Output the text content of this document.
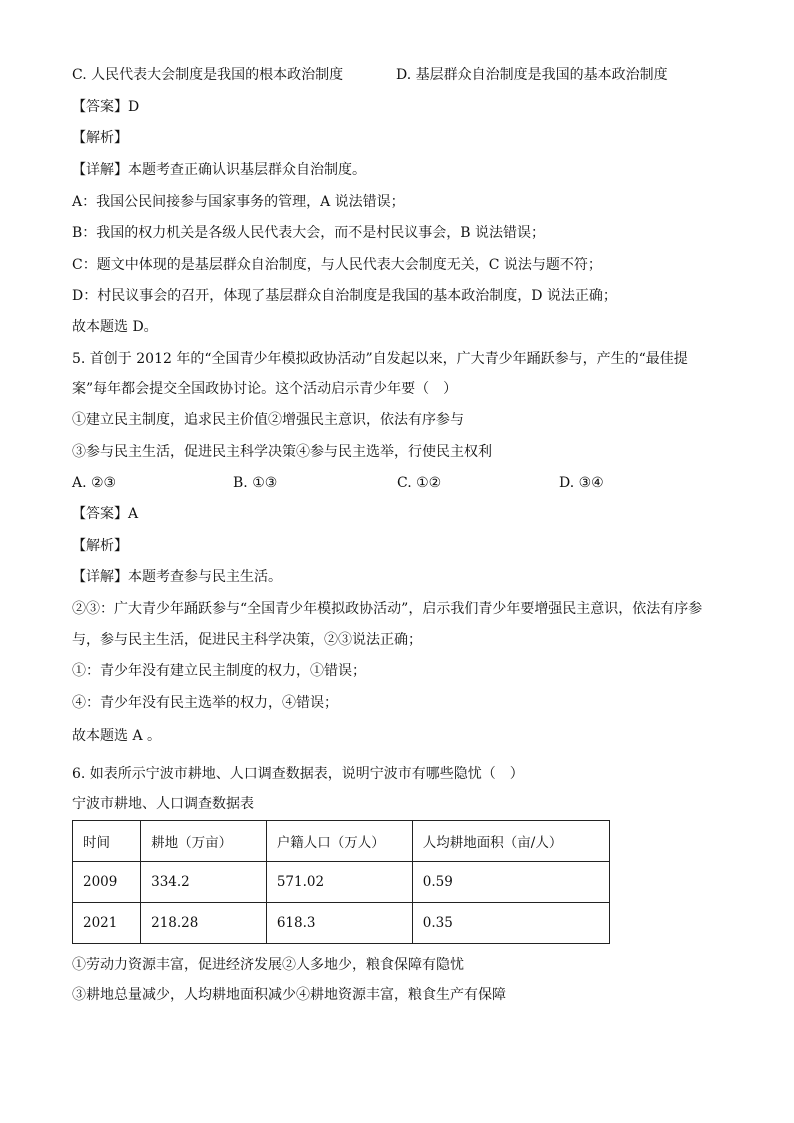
C. 人民代表大会制度是我国的根本政治制度	D. 基层群众自治制度是我国的基本政治制度
【答案】D
【解析】
【详解】本题考查正确认识基层群众自治制度。
A：我国公民间接参与国家事务的管理，A 说法错误；
B：我国的权力机关是各级人民代表大会，而不是村民议事会，B 说法错误；
C：题文中体现的是基层群众自治制度，与人民代表大会制度无关，C 说法与题不符；
D：村民议事会的召开，体现了基层群众自治制度是我国的基本政治制度，D 说法正确；
故本题选 D。
5. 首创于 2012 年的“全国青少年模拟政协活动”自发起以来，广大青少年踊跃参与，产生的“最佳提
案”每年都会提交全国政协讨论。这个活动启示青少年要（　）
①建立民主制度，追求民主价值②增强民主意识，依法有序参与
③参与民主生活，促进民主科学决策④参与民主选举，行使民主权利
A. ②③	B. ①③	C. ①②	D. ③④
【答案】A
【解析】
【详解】本题考查参与民主生活。
②③：广大青少年踊跃参与“全国青少年模拟政协活动”，启示我们青少年要增强民主意识，依法有序参
与，参与民主生活，促进民主科学决策，②③说法正确；
①：青少年没有建立民主制度的权力，①错误；
④：青少年没有民主选举的权力，④错误；
故本题选 A 。
6. 如表所示宁波市耕地、人口调查数据表，说明宁波市有哪些隐忧（　）
宁波市耕地、人口调查数据表
时间	耕地（万亩）	户籍人口（万人）	人均耕地面积（亩/人）
2009	334.2	571.02	0.59
2021	218.28	618.3	0.35
①劳动力资源丰富，促进经济发展②人多地少，粮食保障有隐忧
③耕地总量减少，人均耕地面积减少④耕地资源丰富，粮食生产有保障
